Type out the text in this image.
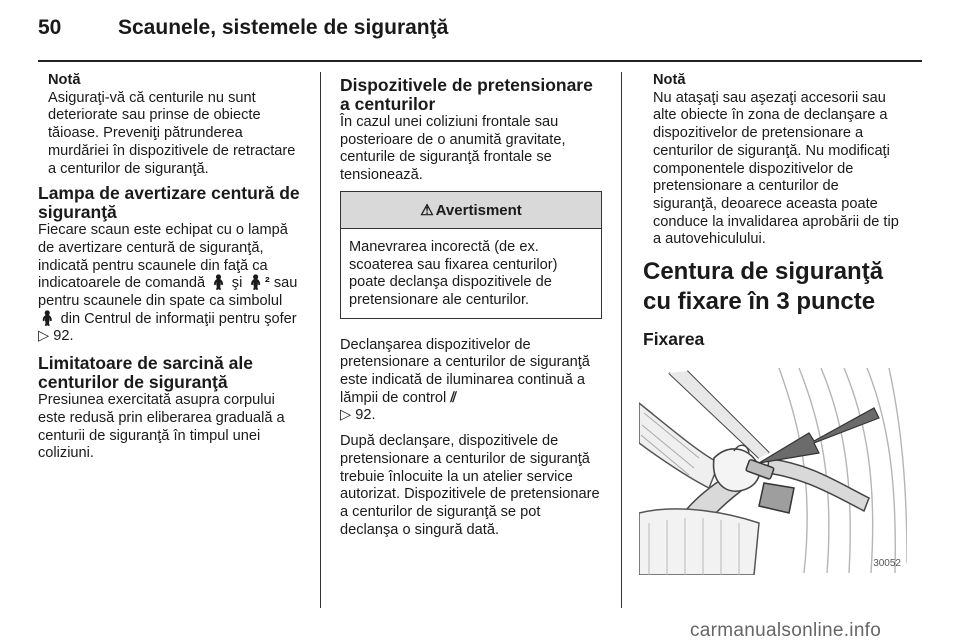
50	Scaunele, sistemele de siguranţă
Notă
Asiguraţi-vă că centurile nu sunt deteriorate sau prinse de obiecte tăioase. Preveniţi pătrunderea murdăriei în dispozitivele de retractare a centurilor de siguranţă.
Lampa de avertizare centură de siguranţă

Fiecare scaun este echipat cu o lampă de avertizare centură de siguranţă, indicată pentru scaunele din faţă ca indicatoarele de comandă 🧍︎ şi 🧍︎² sau pentru scaunele din spate ca simbolul 🧍︎ din Centrul de informaţii pentru şofer ▷ 92.

Limitatoare de sarcină ale centurilor de siguranţă

Presiunea exercitată asupra corpului este redusă prin eliberarea graduală a centurii de siguranţă în timpul unei coliziuni.

Dispozitivele de pretensionare a centurilor

În cazul unei coliziuni frontale sau posterioare de o anumită gravitate, centurile de siguranţă frontale se tensionează.

⚠︎ Avertisment
Manevrarea incorectă (de ex. scoaterea sau fixarea centurilor) poate declanşa dispozitivele de pretensionare ale centurilor.

Declanşarea dispozitivelor de pretensionare a centurilor de siguranţă este indicată de iluminarea continuă a lămpii de control ⫽
▷ 92.

După declanşare, dispozitivele de pretensionare a centurilor de siguranţă trebuie înlocuite la un atelier service autorizat. Dispozitivele de pretensionare a centurilor de siguranţă se pot declanşa o singură dată.

Notă
Nu ataşaţi sau aşezaţi accesorii sau alte obiecte în zona de declanşare a dispozitivelor de pretensionare a centurilor de siguranţă. Nu modificaţi componentele dispozitivelor de pretensionare a centurilor de siguranţă, deoarece aceasta poate conduce la invalidarea aprobării de tip a autovehiculului.
Centura de siguranţă cu fixare în 3 puncte
Fixarea
30052
carmanualsonline.info
